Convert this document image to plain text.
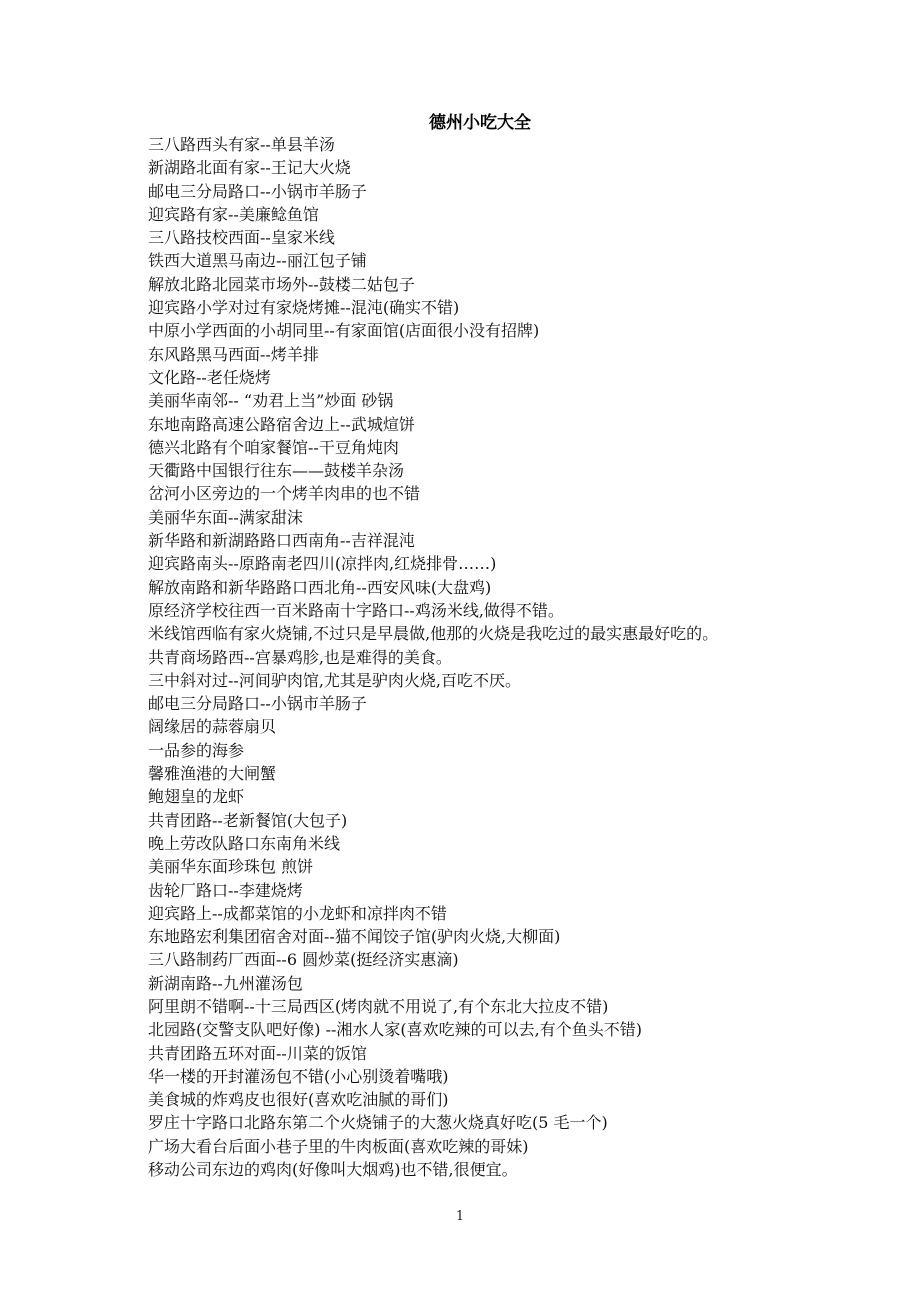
德州小吃大全
三八路西头有家--单县羊汤
新湖路北面有家--王记大火烧
邮电三分局路口--小锅市羊肠子
迎宾路有家--美廉鲶鱼馆
三八路技校西面--皇家米线
铁西大道黑马南边--丽江包子铺
解放北路北园菜市场外--鼓楼二姑包子
迎宾路小学对过有家烧烤摊--混沌(确实不错)
中原小学西面的小胡同里--有家面馆(店面很小没有招牌)
东风路黑马西面--烤羊排
文化路--老任烧烤
美丽华南邻-- “劝君上当”炒面 砂锅
东地南路高速公路宿舍边上--武城煊饼
德兴北路有个咱家餐馆--干豆角炖肉
天衢路中国银行往东——鼓楼羊杂汤
岔河小区旁边的一个烤羊肉串的也不错
美丽华东面--满家甜沫
新华路和新湖路路口西南角--吉祥混沌
迎宾路南头--原路南老四川(凉拌肉,红烧排骨……)
解放南路和新华路路口西北角--西安风味(大盘鸡)
原经济学校往西一百米路南十字路口--鸡汤米线,做得不错。
米线馆西临有家火烧铺,不过只是早晨做,他那的火烧是我吃过的最实惠最好吃的。
共青商场路西--宫暴鸡胗,也是难得的美食。
三中斜对过--河间驴肉馆,尤其是驴肉火烧,百吃不厌。
邮电三分局路口--小锅市羊肠子
阔缘居的蒜蓉扇贝
一品参的海参
馨雅渔港的大闸蟹
鲍翅皇的龙虾
共青团路--老新餐馆(大包子)
晚上劳改队路口东南角米线
美丽华东面珍珠包 煎饼
齿轮厂路口--李建烧烤
迎宾路上--成都菜馆的小龙虾和凉拌肉不错
东地路宏利集团宿舍对面--猫不闻饺子馆(驴肉火烧,大柳面)
三八路制药厂西面--6 圆炒菜(挺经济实惠滴)
新湖南路--九州灌汤包
阿里朗不错啊--十三局西区(烤肉就不用说了,有个东北大拉皮不错)
北园路(交警支队吧好像) --湘水人家(喜欢吃辣的可以去,有个鱼头不错)
共青团路五环对面--川菜的饭馆
华一楼的开封灌汤包不错(小心别烫着嘴哦)
美食城的炸鸡皮也很好(喜欢吃油腻的哥们)
罗庄十字路口北路东第二个火烧铺子的大葱火烧真好吃(5 毛一个)
广场大看台后面小巷子里的牛肉板面(喜欢吃辣的哥妹)
移动公司东边的鸡肉(好像叫大烟鸡)也不错,很便宜。
1
